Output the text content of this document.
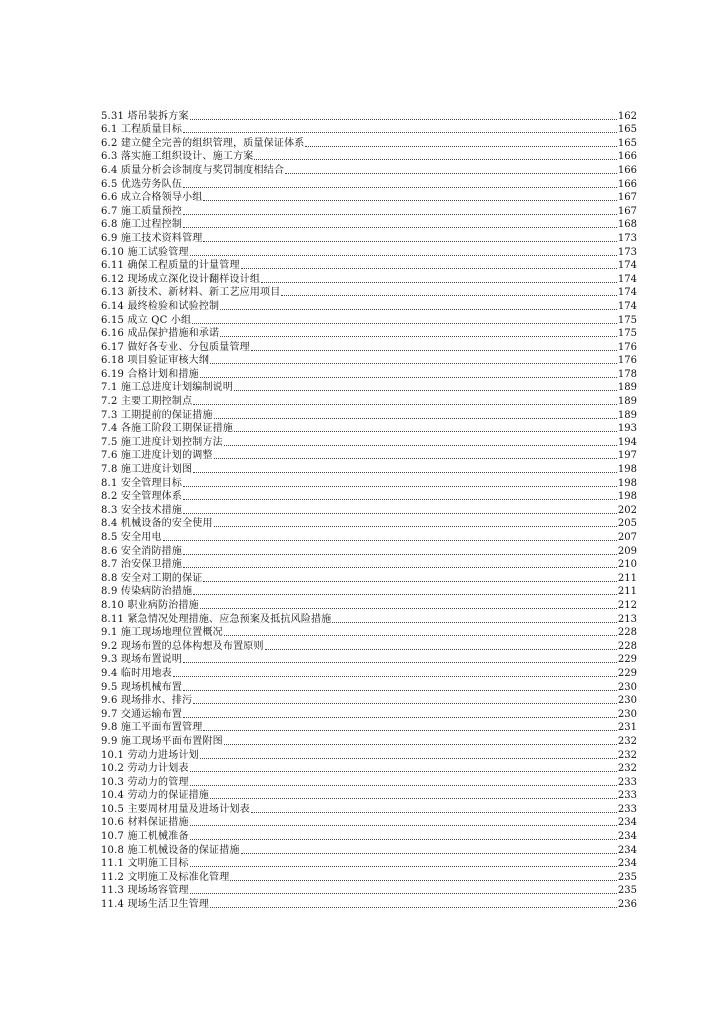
5.31 塔吊装拆方案	162
6.1 工程质量目标	165
6.2 建立健全完善的组织管理，质量保证体系	165
6.3 落实施工组织设计、施工方案	166
6.4 质量分析会诊制度与奖罚制度相结合	166
6.5 优选劳务队伍	166
6.6 成立合格领导小组	167
6.7 施工质量预控	167
6.8 施工过程控制	168
6.9 施工技术资料管理	173
6.10 施工试验管理	173
6.11 确保工程质量的计量管理	174
6.12 现场成立深化设计翻样设计组	174
6.13 新技术、新材料、新工艺应用项目	174
6.14 最终检验和试验控制	174
6.15 成立 QC 小组	175
6.16 成品保护措施和承诺	175
6.17 做好各专业、分包质量管理	176
6.18 项目验证审核大纲	176
6.19 合格计划和措施	178
7.1 施工总进度计划编制说明	189
7.2 主要工期控制点	189
7.3 工期提前的保证措施	189
7.4 各施工阶段工期保证措施	193
7.5 施工进度计划控制方法	194
7.6 施工进度计划的调整	197
7.8 施工进度计划图	198
8.1 安全管理目标	198
8.2 安全管理体系	198
8.3 安全技术措施	202
8.4 机械设备的安全使用	205
8.5 安全用电	207
8.6 安全消防措施	209
8.7 治安保卫措施	210
8.8 安全对工期的保证	211
8.9 传染病防治措施	211
8.10 职业病防治措施	212
8.11 紧急情况处理措施、应急预案及抵抗风险措施	213
9.1 施工现场地理位置概况	228
9.2 现场布置的总体构想及布置原则	228
9.3 现场布置说明	229
9.4 临时用地表	229
9.5 现场机械布置	230
9.6 现场排水、排污	230
9.7 交通运输布置	230
9.8 施工平面布置管理	231
9.9 施工现场平面布置附图	232
10.1 劳动力进场计划	232
10.2 劳动力计划表	232
10.3 劳动力的管理	233
10.4 劳动力的保证措施	233
10.5 主要周材用量及进场计划表	233
10.6 材料保证措施	234
10.7 施工机械准备	234
10.8 施工机械设备的保证措施	234
11.1 文明施工目标	234
11.2 文明施工及标准化管理	235
11.3 现场场容管理	235
11.4 现场生活卫生管理	236
